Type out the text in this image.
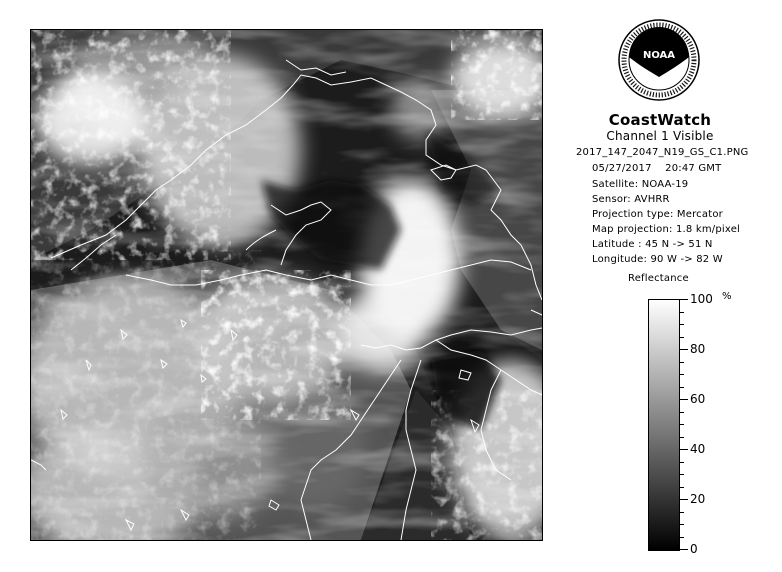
NOAA
CoastWatch
Channel 1 Visible
2017_147_2047_N19_GS_C1.PNG
05/27/2017 20:47 GMT
Satellite: NOAA-19
Sensor: AVHRR
Projection type: Mercator
Map projection: 1.8 km/pixel
Latitude : 45 N -> 51 N
Longitude: 90 W -> 82 W
Reflectance
%
100
80
60
40
20
0
